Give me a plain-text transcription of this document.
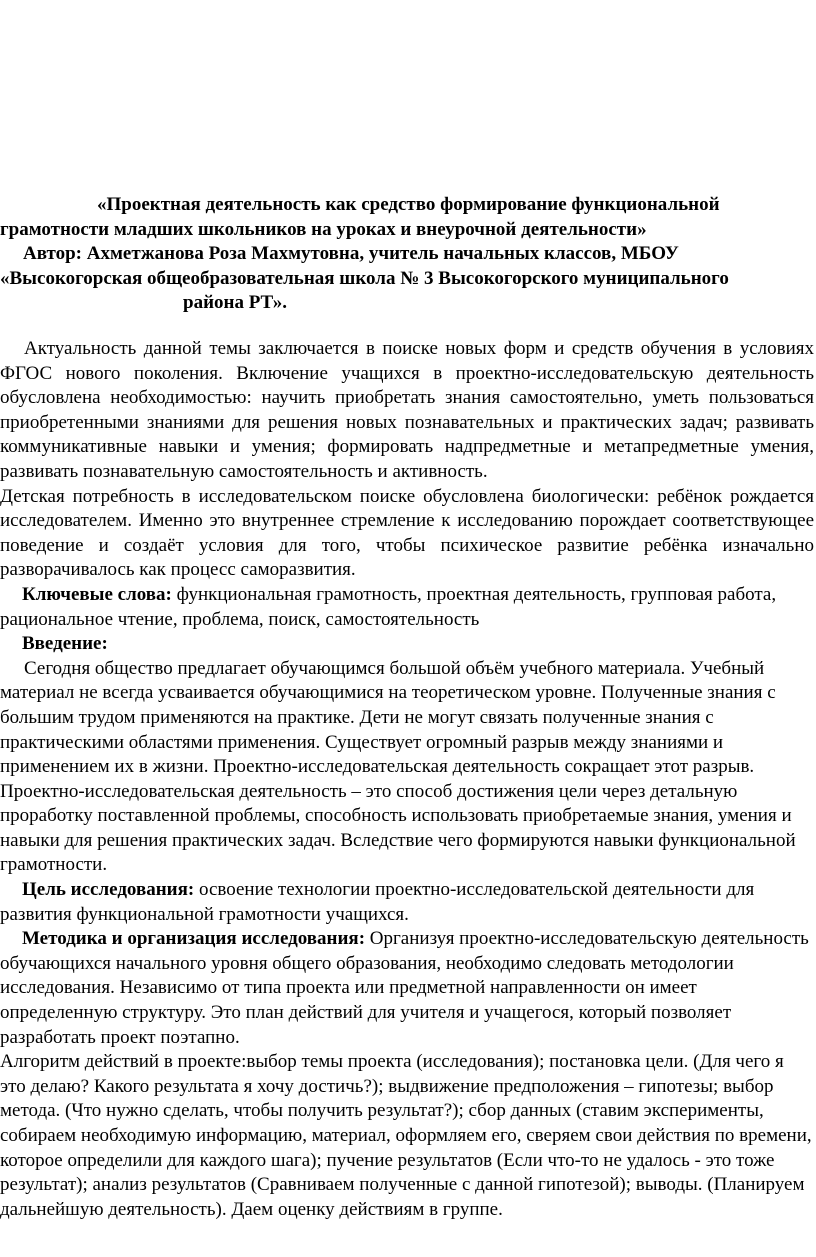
«Проектная деятельность как средство формирование функциональной
грамотности младших школьников на уроках и внеурочной деятельности»
Автор: Ахметжанова Роза Махмутовна, учитель начальных классов, МБОУ
«Высокогорская общеобразовательная школа № 3 Высокогорского муниципального
района РТ».

Актуальность данной темы заключается в поиске новых форм и средств обучения в условиях ФГОС нового поколения. Включение учащихся в проектно-исследовательскую деятельность обусловлена необходимостью: научить приобретать знания самостоятельно, уметь пользоваться приобретенными знаниями для решения новых познавательных и практических задач; развивать коммуникативные навыки и умения; формировать надпредметные и метапредметные умения, развивать познавательную самостоятельность и активность.

Детская потребность в исследовательском поиске обусловлена биологически: ребёнок рождается исследователем. Именно это внутреннее стремление к исследованию порождает соответствующее поведение и создаёт условия для того, чтобы психическое развитие ребёнка изначально разворачивалось как процесс саморазвития.

Ключевые слова: функциональная грамотность, проектная деятельность, групповая работа, рациональное чтение, проблема, поиск, самостоятельность

Введение:

Сегодня общество предлагает обучающимся большой объём учебного материала. Учебный материал не всегда усваивается обучающимися на теоретическом уровне. Полученные знания с большим трудом применяются на практике. Дети не могут связать полученные знания с практическими областями применения. Существует огромный разрыв между знаниями и применением их в жизни. Проектно-исследовательская деятельность сокращает этот разрыв. Проектно-исследовательская деятельность – это способ достижения цели через детальную проработку поставленной проблемы, способность использовать приобретаемые знания, умения и навыки для решения практических задач. Вследствие чего формируются навыки функциональной грамотности.

Цель исследования: освоение технологии проектно-исследовательской деятельности для развития функциональной грамотности учащихся.

Методика и организация исследования: Организуя проектно-исследовательскую деятельность обучающихся начального уровня общего образования, необходимо следовать методологии исследования. Независимо от типа проекта или предметной направленности он имеет определенную структуру. Это план действий для учителя и учащегося, который позволяет разработать проект поэтапно.

Алгоритм действий в проекте:выбор темы проекта (исследования); постановка цели. (Для чего я это делаю? Какого результата я хочу достичь?); выдвижение предположения – гипотезы; выбор метода. (Что нужно сделать, чтобы получить результат?); сбор данных (ставим эксперименты, собираем необходимую информацию, материал, оформляем его, сверяем свои действия по времени, которое определили для каждого шага); пучение результатов (Если что-то не удалось - это тоже результат); анализ результатов (Сравниваем полученные с данной гипотезой); выводы. (Планируем дальнейшую деятельность). Даем оценку действиям в группе.
